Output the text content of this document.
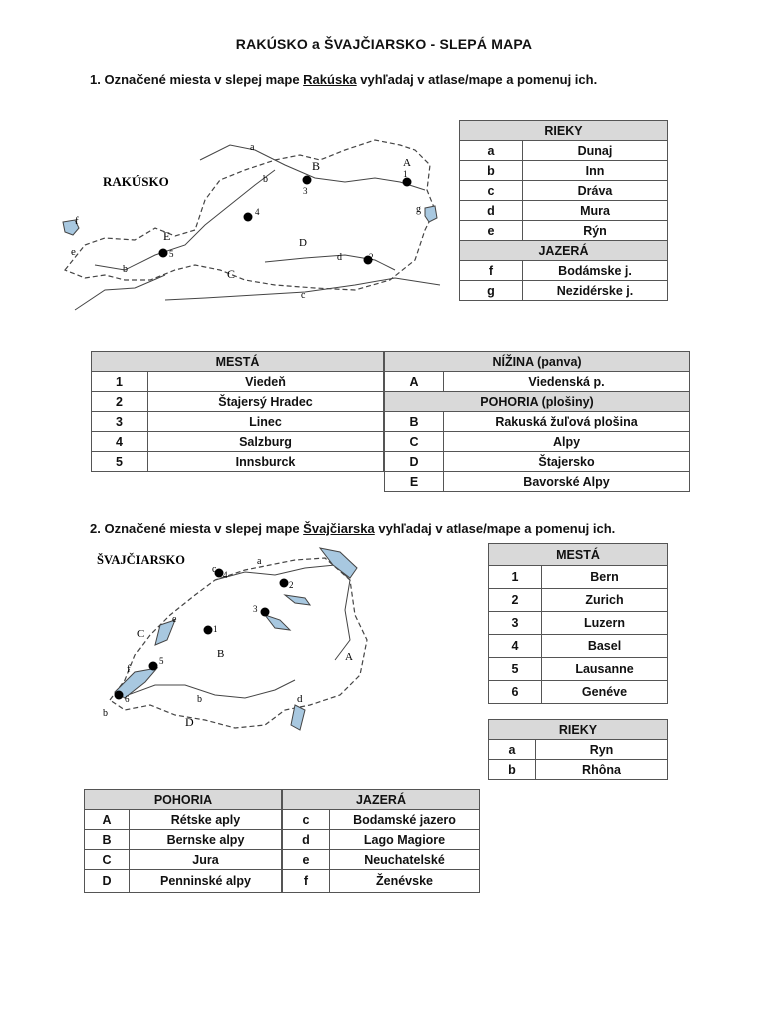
RAKÚSKO a ŠVAJČIARSKO - SLEPÁ MAPA
1. Označené miesta v slepej mape Rakúska vyhľadaj v atlase/mape a pomenuj ich.
RAKÚSKO
a
b
B	A
1
3
g
4
f
E
5
D
d	2
e
b	C
c
RIEKY	
a	Dunaj
b	Inn
c	Dráva
d	Mura
e	Rýn
JAZERÁ	
f	Bodámske j.
g	Nezidérske j.
MESTÁ	
1	Viedeň
2	Štajersý Hradec
3	Linec
4	Salzburg
5	Innsburck
NÍŽINA (panva)	
A	Viedenská p.
POHORIA (plošiny)	
B	Rakuská žuľová plošina
C	Alpy
D	Štajersko
E	Bavorské Alpy
2. Označené miesta v slepej mape Švajčiarska vyhľadaj v atlase/mape a pomenuj ich.
ŠVAJČIARSKO
c
a
4
2
3
1
e
C
B	A
5
f
6
b
b	d
D
MESTÁ	
1	Bern
2	Zurich
3	Luzern
4	Basel
5	Lausanne
6	Genéve
RIEKY	
a	Ryn
b	Rhôna
POHORIA	
A	Rétske aply
B	Bernske alpy
C	Jura
D	Penninské alpy
JAZERÁ	
c	Bodamské jazero
d	Lago Magiore
e	Neuchatelské
f	Ženévske
